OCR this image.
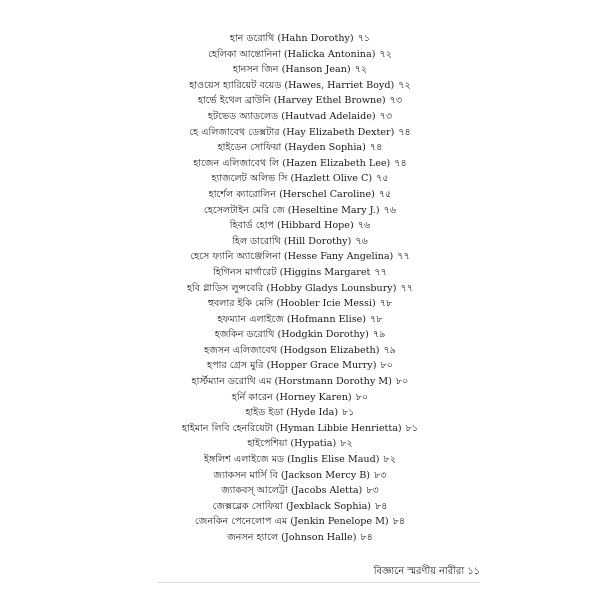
হান ডরোথি (Hahn Dorothy) ৭১
হেলিকা আন্তোনিনা (Halicka Antonina) ৭২
হানসন জিন (Hanson Jean) ৭২
হাওয়েস হ্যারিয়েট বয়েড (Hawes, Harriet Boyd) ৭২
হার্ভে ইথেল ব্রাউনি (Harvey Ethel Browne) ৭৩
হটভেড অ্যাডলেড (Hautvad Adelaide) ৭৩
হে এলিজাবেথ ডেক্সটার (Hay Elizabeth Dexter) ৭৪
হাইডেন সোফিয়া (Hayden Sophia) ৭৪
হাজেন এলিজাবেথ লি (Hazen Elizabeth Lee) ৭৪
হ্যাজলেট অলিভ সি (Hazlett Olive C) ৭৫
হার্শেল ক্যারোলিন (Herschel Caroline) ৭৫
হেসেলটাইন মেরি জে (Heseltine Mary J.) ৭৬
হিবার্ড হোপ (Hibbard Hope) ৭৬
হিল ডারোথি (Hill Dorothy) ৭৬
হেসে ফ্যানি অ্যাঞ্জেলিনা (Hesse Fany Angelina) ৭৭
হিগিনস মার্গারেট (Higgins Margaret ৭৭
হবি গ্লাডিস লুন্সবেরি (Hobby Gladys Lounsbury) ৭৭
হুবলার ইকি মেসি (Hoobler Icie Messi) ৭৮
হফম্যান এলাইজে (Hofmann Elise) ৭৮
হজকিন ডরোথি (Hodgkin Dorothy) ৭৯
হজসন এলিজাবেথ (Hodgson Elizabeth) ৭৯
হপার গ্রেস মুরি (Hopper Grace Murry) ৮০
হার্স্টম্যান ডরোথি এম (Horstmann Dorothy M) ৮০
হর্নি কারেন (Horney Karen) ৮০
হাইড ইডা (Hyde Ida) ৮১
হাইমান লিবি হেনরিয়েটা (Hyman Libbie Henrietta) ৮১
হাইপেশিয়া (Hypatia) ৮২
ইঙ্গলিশ এলাইজে মড (Inglis Elise Maud) ৮২
জ্যাকসন মার্সি বি (Jackson Mercy B) ৮৩
জ্যাকবস্ আলেট্টা (Jacobs Aletta) ৮৩
জেক্সব্লেক সোফিয়া (Jexblack Sophia) ৮৪
জেনকিন পেনেলোপ এম (Jenkin Penelope M) ৮৪
জনসন হ্যালে (Johnson Halle) ৮৪
বিজ্ঞানে স্মরণীয় নারীরা ১১
